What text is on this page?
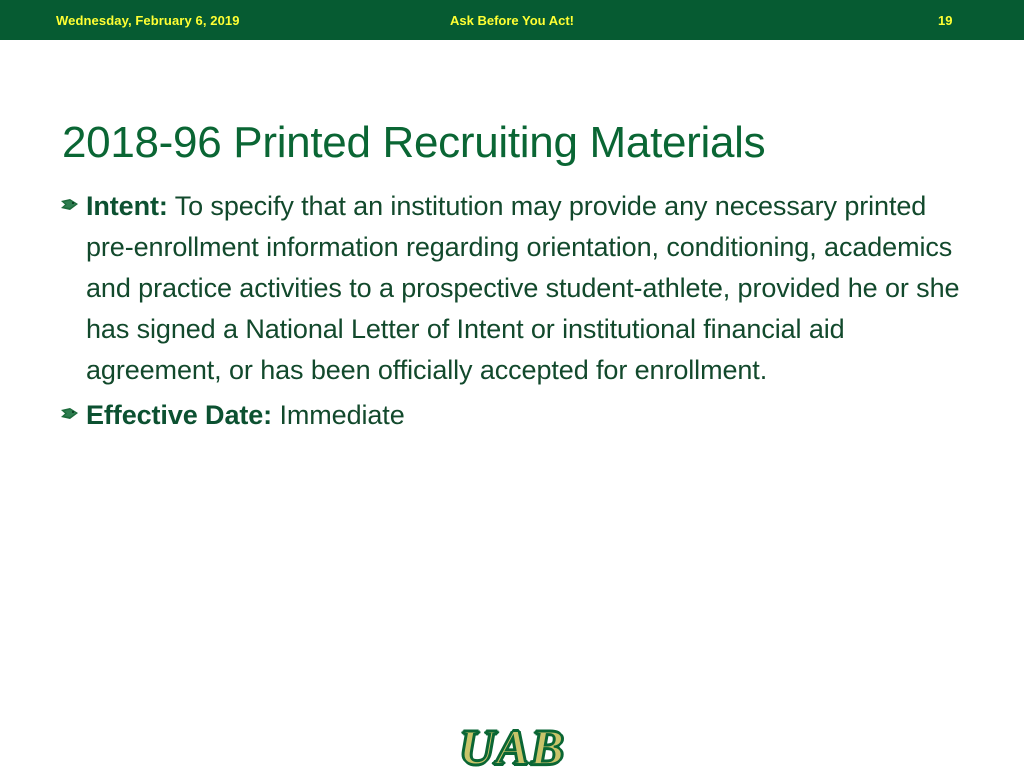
Wednesday, February 6, 2019	Ask Before You Act!	19
2018-96 Printed Recruiting Materials
Intent: To specify that an institution may provide any necessary printed pre-enrollment information regarding orientation, conditioning, academics and practice activities to a prospective student-athlete, provided he or she has signed a National Letter of Intent or institutional financial aid agreement, or has been officially accepted for enrollment.
Effective Date: Immediate
UAB
